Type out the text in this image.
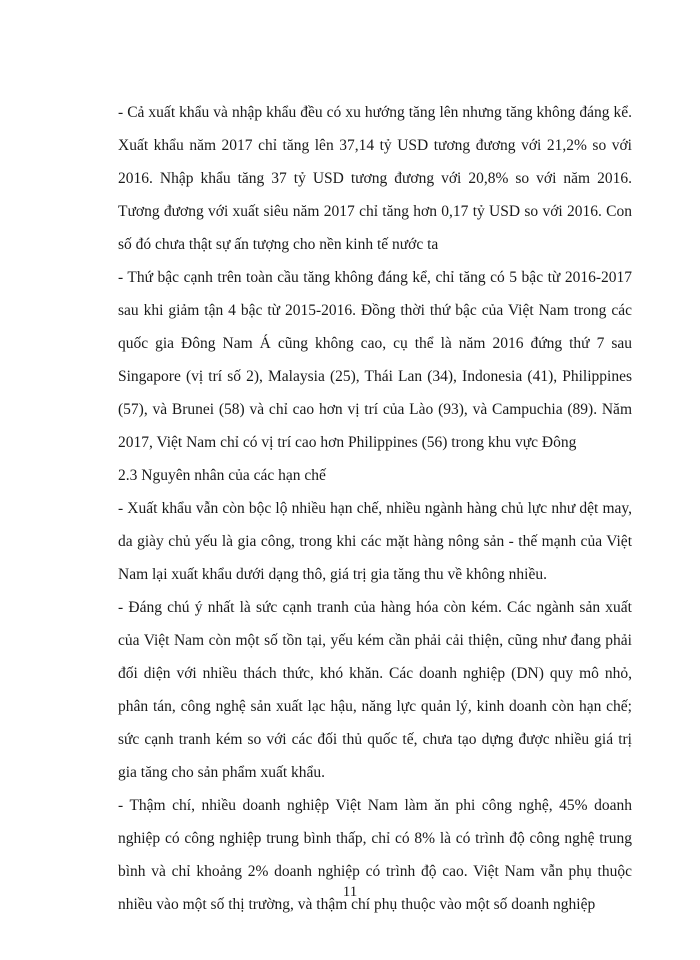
- Cả xuất khẩu và nhập khẩu đều có xu hướng tăng lên nhưng tăng không đáng kể. Xuất khẩu năm 2017 chỉ tăng lên 37,14 tỷ USD tương đương với 21,2% so với 2016. Nhập khẩu tăng 37 tỷ USD tương đương với 20,8% so với năm 2016. Tương đương với xuất siêu năm 2017 chỉ tăng hơn 0,17 tỷ USD so với 2016. Con số đó chưa thật sự ấn tượng cho nền kinh tế nước ta

- Thứ bậc cạnh trên toàn cầu tăng không đáng kể, chỉ tăng có 5 bậc từ 2016-2017 sau khi giảm tận 4 bậc từ 2015-2016. Đồng thời thứ bậc của Việt Nam trong các quốc gia Đông Nam Á cũng không cao, cụ thể là năm 2016 đứng thứ 7 sau Singapore (vị trí số 2), Malaysia (25), Thái Lan (34), Indonesia (41), Philippines (57), và Brunei (58) và chỉ cao hơn vị trí của Lào (93), và Campuchia (89). Năm 2017, Việt Nam chỉ có vị trí cao hơn Philippines (56) trong khu vực Đông

2.3 Nguyên nhân của các hạn chế

- Xuất khẩu vẫn còn bộc lộ nhiều hạn chế, nhiều ngành hàng chủ lực như dệt may, da giày chủ yếu là gia công, trong khi các mặt hàng nông sản - thế mạnh của Việt Nam lại xuất khẩu dưới dạng thô, giá trị gia tăng thu về không nhiều.

- Đáng chú ý nhất là sức cạnh tranh của hàng hóa còn kém. Các ngành sản xuất của Việt Nam còn một số tồn tại, yếu kém cần phải cải thiện, cũng như đang phải đối diện với nhiều thách thức, khó khăn. Các doanh nghiệp (DN) quy mô nhỏ, phân tán, công nghệ sản xuất lạc hậu, năng lực quản lý, kinh doanh còn hạn chế; sức cạnh tranh kém so với các đối thủ quốc tế, chưa tạo dựng được nhiều giá trị gia tăng cho sản phẩm xuất khẩu.

- Thậm chí, nhiều doanh nghiệp Việt Nam làm ăn phi công nghệ, 45% doanh nghiệp có công nghiệp trung bình thấp, chỉ có 8% là có trình độ công nghệ trung bình và chỉ khoảng 2% doanh nghiệp có trình độ cao. Việt Nam vẫn phụ thuộc nhiều vào một số thị trường, và thậm chí phụ thuộc vào một số doanh nghiệp

11
